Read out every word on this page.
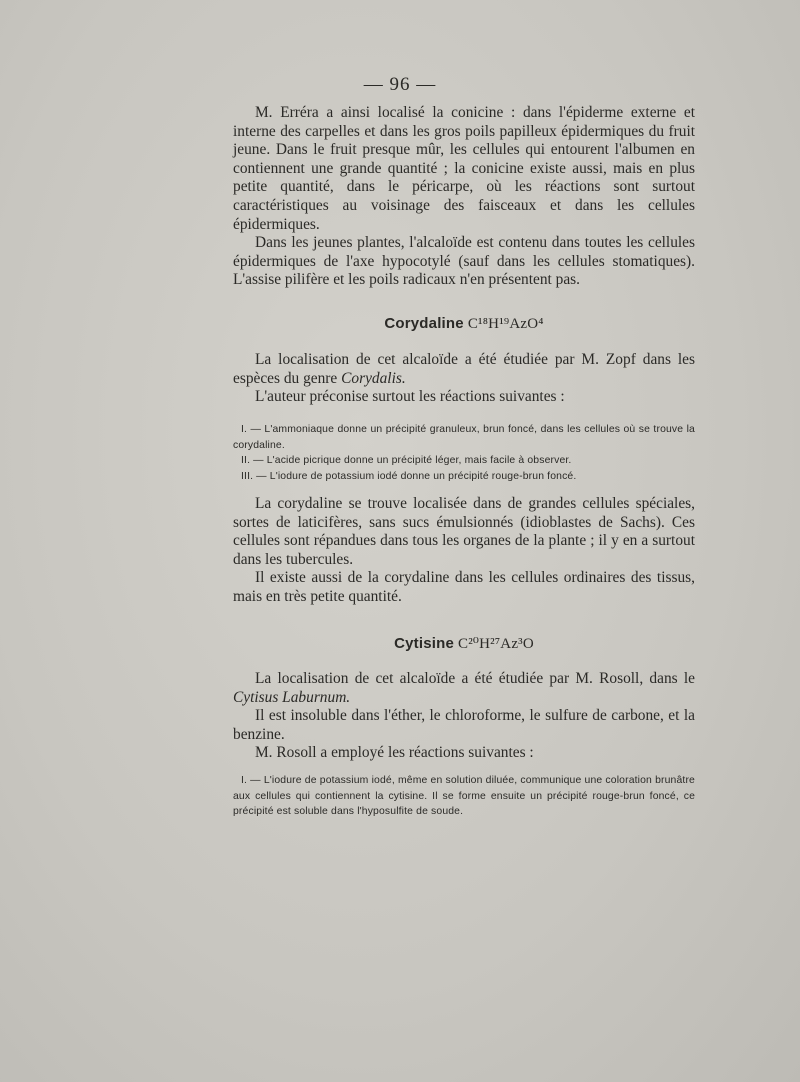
— 96 —

M. Erréra a ainsi localisé la conicine : dans l'épiderme externe et interne des carpelles et dans les gros poils papilleux épidermiques du fruit jeune. Dans le fruit presque mûr, les cellules qui entourent l'albumen en contiennent une grande quantité ; la conicine existe aussi, mais en plus petite quantité, dans le péricarpe, où les réactions sont surtout caractéristiques au voisinage des faisceaux et dans les cellules épidermiques.

Dans les jeunes plantes, l'alcaloïde est contenu dans toutes les cellules épidermiques de l'axe hypocotylé (sauf dans les cellules stomatiques). L'assise pilifère et les poils radicaux n'en présentent pas.

Corydaline C¹⁸H¹⁹AzO⁴

La localisation de cet alcaloïde a été étudiée par M. Zopf dans les espèces du genre Corydalis.

L'auteur préconise surtout les réactions suivantes :

I. — L'ammoniaque donne un précipité granuleux, brun foncé, dans les cellules où se trouve la corydaline.

II. — L'acide picrique donne un précipité léger, mais facile à observer.

III. — L'iodure de potassium iodé donne un précipité rouge-brun foncé.

La corydaline se trouve localisée dans de grandes cellules spéciales, sortes de laticifères, sans sucs émulsionnés (idioblastes de Sachs). Ces cellules sont répandues dans tous les organes de la plante ; il y en a surtout dans les tubercules.

Il existe aussi de la corydaline dans les cellules ordinaires des tissus, mais en très petite quantité.

Cytisine C²⁰H²⁷Az³O

La localisation de cet alcaloïde a été étudiée par M. Rosoll, dans le Cytisus Laburnum.

Il est insoluble dans l'éther, le chloroforme, le sulfure de carbone, et la benzine.

M. Rosoll a employé les réactions suivantes :

I. — L'iodure de potassium iodé, même en solution diluée, communique une coloration brunâtre aux cellules qui contiennent la cytisine. Il se forme ensuite un précipité rouge-brun foncé, ce précipité est soluble dans l'hyposulfite de soude.
